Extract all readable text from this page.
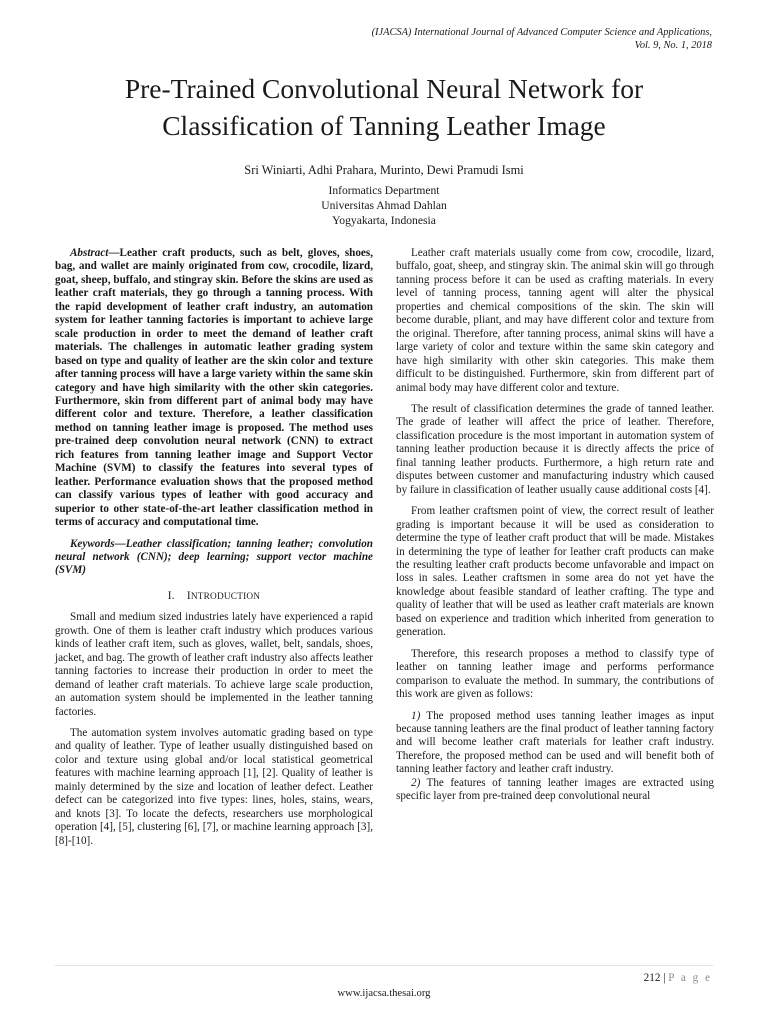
(IJACSA) International Journal of Advanced Computer Science and Applications,
Vol. 9, No. 1, 2018
Pre-Trained Convolutional Neural Network for
Classification of Tanning Leather Image
Sri Winiarti, Adhi Prahara, Murinto, Dewi Pramudi Ismi
Informatics Department
Universitas Ahmad Dahlan
Yogyakarta, Indonesia

Abstract—Leather craft products, such as belt, gloves, shoes, bag, and wallet are mainly originated from cow, crocodile, lizard, goat, sheep, buffalo, and stingray skin. Before the skins are used as leather craft materials, they go through a tanning process. With the rapid development of leather craft industry, an automation system for leather tanning factories is important to achieve large scale production in order to meet the demand of leather craft materials. The challenges in automatic leather grading system based on type and quality of leather are the skin color and texture after tanning process will have a large variety within the same skin category and have high similarity with the other skin categories. Furthermore, skin from different part of animal body may have different color and texture. Therefore, a leather classification method on tanning leather image is proposed. The method uses pre-trained deep convolution neural network (CNN) to extract rich features from tanning leather image and Support Vector Machine (SVM) to classify the features into several types of leather. Performance evaluation shows that the proposed method can classify various types of leather with good accuracy and superior to other state-of-the-art leather classification method in terms of accuracy and computational time.

Keywords—Leather classification; tanning leather; convolution neural network (CNN); deep learning; support vector machine (SVM)

I. INTRODUCTION

Small and medium sized industries lately have experienced a rapid growth. One of them is leather craft industry which produces various kinds of leather craft item, such as gloves, wallet, belt, sandals, shoes, jacket, and bag. The growth of leather craft industry also affects leather tanning factories to increase their production in order to meet the demand of leather craft materials. To achieve large scale production, an automation system should be implemented in the leather tanning factories.

The automation system involves automatic grading based on type and quality of leather. Type of leather usually distinguished based on color and texture using global and/or local statistical geometrical features with machine learning approach [1], [2]. Quality of leather is mainly determined by the size and location of leather defect. Leather defect can be categorized into five types: lines, holes, stains, wears, and knots [3]. To locate the defects, researchers use morphological operation [4], [5], clustering [6], [7], or machine learning approach [3], [8]-[10].

Leather craft materials usually come from cow, crocodile, lizard, buffalo, goat, sheep, and stingray skin. The animal skin will go through tanning process before it can be used as crafting materials. In every level of tanning process, tanning agent will alter the physical properties and chemical compositions of the skin. The skin will become durable, pliant, and may have different color and texture from the original. Therefore, after tanning process, animal skins will have a large variety of color and texture within the same skin category and have high similarity with other skin categories. This make them difficult to be distinguished. Furthermore, skin from different part of animal body may have different color and texture.

The result of classification determines the grade of tanned leather. The grade of leather will affect the price of leather. Therefore, classification procedure is the most important in automation system of tanning leather production because it is directly affects the price of final tanning leather products. Furthermore, a high return rate and disputes between customer and manufacturing industry which caused by failure in classification of leather usually cause additional costs [4].

From leather craftsmen point of view, the correct result of leather grading is important because it will be used as consideration to determine the type of leather craft product that will be made. Mistakes in determining the type of leather for leather craft products can make the resulting leather craft products become unfavorable and impact on loss in sales. Leather craftsmen in some area do not yet have the knowledge about feasible standard of leather crafting. The type and quality of leather that will be used as leather craft materials are known based on experience and tradition which inherited from generation to generation.

Therefore, this research proposes a method to classify type of leather on tanning leather image and performs performance comparison to evaluate the method. In summary, the contributions of this work are given as follows:

1) The proposed method uses tanning leather images as input because tanning leathers are the final product of leather tanning factory and will become leather craft materials for leather craft industry. Therefore, the proposed method can be used and will benefit both of tanning leather factory and leather craft industry.

2) The features of tanning leather images are extracted using specific layer from pre-trained deep convolutional neural

212 | P a g e
www.ijacsa.thesai.org
